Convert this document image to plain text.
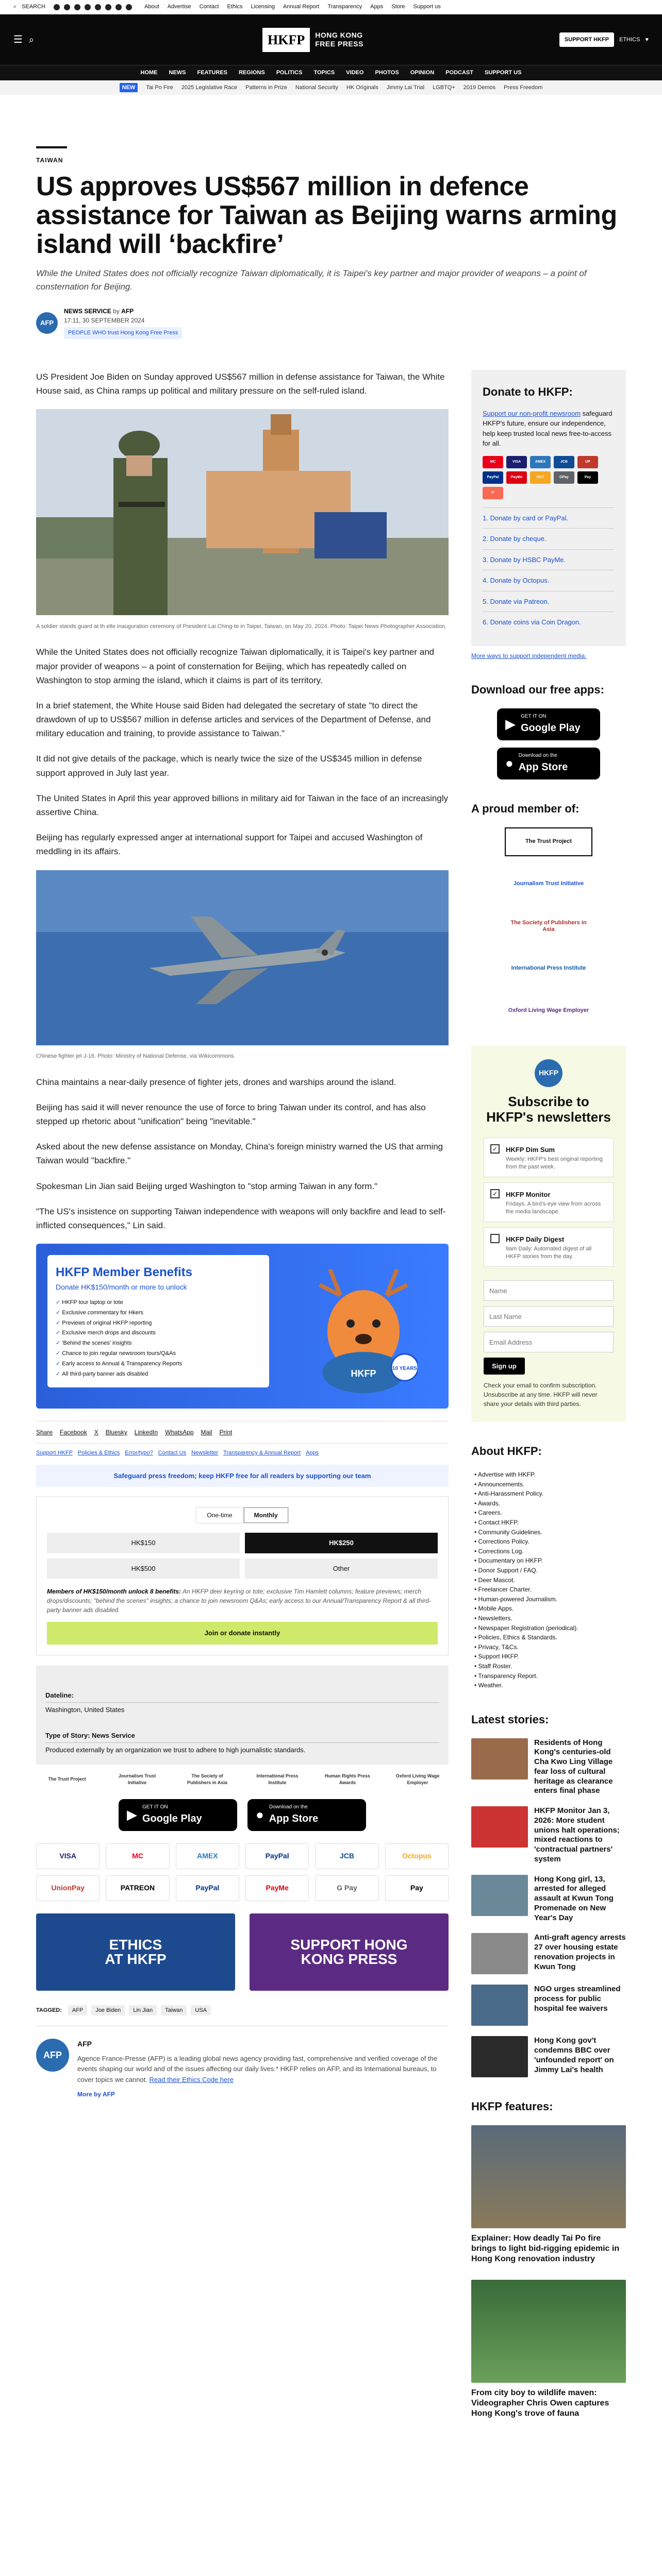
⌕ SEARCH	About Advertise Contact Ethics Licensing Annual Report Transparency Apps Store Support us
☰ ⌕	HKFP	HONG KONG
FREE PRESS
SUPPORT HKFP	ETHICS ♥
HOME NEWS FEATURES REGIONS POLITICS TOPICS VIDEO PHOTOS OPINION PODCAST SUPPORT US
NEW	Tai Po Fire 2025 Legislative Race Patterns in Prize National Security HK Originals Jimmy Lai Trial LGBTQ+ 2019 Demos Press Freedom
TAIWAN
US approves US$567 million in defence assistance for Taiwan as Beijing warns arming island will ‘backfire’
While the United States does not officially recognize Taiwan diplomatically, it is Taipei's key partner and major provider of weapons – a point of consternation for Beijing.
AFP
NEWS SERVICE by AFP
17:11, 30 SEPTEMBER 2024
PEOPLE WHO trust Hong Kong Free Press

US President Joe Biden on Sunday approved US$567 million in defense assistance for Taiwan, the White House said, as China ramps up political and military pressure on the self-ruled island.

A soldier stands guard at th elte inauguration ceremony of President Lai Ching-te in Taipei, Taiwan, on May 20, 2024. Photo: Taipei News Photographer Association.

While the United States does not officially recognize Taiwan diplomatically, it is Taipei's key partner and major provider of weapons – a point of consternation for Beijing, which has repeatedly called on Washington to stop arming the island, which it claims is part of its territory.

In a brief statement, the White House said Biden had delegated the secretary of state "to direct the drawdown of up to US$567 million in defense articles and services of the Department of Defense, and military education and training, to provide assistance to Taiwan."

It did not give details of the package, which is nearly twice the size of the US$345 million in defense support approved in July last year.

The United States in April this year approved billions in military aid for Taiwan in the face of an increasingly assertive China.

Beijing has regularly expressed anger at international support for Taipei and accused Washington of meddling in its affairs.

Chinese fighter jet J-16. Photo: Ministry of National Defense, via Wikicommons.

China maintains a near-daily presence of fighter jets, drones and warships around the island.

Beijing has said it will never renounce the use of force to bring Taiwan under its control, and has also stepped up rhetoric about "unification" being "inevitable."

Asked about the new defense assistance on Monday, China's foreign ministry warned the US that arming Taiwan would "backfire."

Spokesman Lin Jian said Beijing urged Washington to "stop arming Taiwan in any form."

"The US's insistence on supporting Taiwan independence with weapons will only backfire and lead to self-inflicted consequences," Lin said.

HKFP Member Benefits
Donate HK$150/month or more to unlock
✓ HKFP tour laptop or tote
✓ Exclusive commentary for Hkers
✓ Previews of original HKFP reporting
✓ Exclusive merch drops and discounts
✓ 'Behind the scenes' insights
✓ Chance to join regular newsroom tours/Q&As
✓ Early access to Annual & Transparency Reports
✓ All third-party banner ads disabled
10 YEARS
HKFP
Share Facebook X Bluesky LinkedIn WhatsApp Mail Print
Support HKFP Policies & Ethics Error/typo? Contact Us Newsletter Transparency & Annual Report Apps
Safeguard press freedom; keep HKFP free for all readers by supporting our team
One-time	Monthly
HK$150	HK$250
HK$500	Other
Members of HK$150/month unlock 8 benefits: An HKFP deer keyring or tote; exclusive Tim Hamlett columns; feature previews; merch drops/discounts; "behind the scenes" insights; a chance to join newsroom Q&As; early access to our Annual/Transparency Report & all third-party banner ads disabled.
Join or donate instantly
Dateline:
Washington, United States
Type of Story: News Service
Produced externally by an organization we trust to adhere to high journalistic standards.
The Trust Project
Journalism Trust Initiative
The Society of Publishers in Asia
International Press Institute
Human Rights Press Awards
Oxford Living Wage Employer
▶ GET IT ON
Google Play	● Download on the
App Store
VISA	MC	AMEX	PayPal	JCB	Octopus
UnionPay	PATREON	PayPal	PayMe	G Pay	Pay
ETHICS
AT HKFP
SUPPORT HONG
KONG PRESS
TAGGED:	AFP	Joe Biden	Lin Jian	Taiwan	USA
AFP
AFP

Agence France-Presse (AFP) is a leading global news agency providing fast, comprehensive and verified coverage of the events shaping our world and of the issues affecting our daily lives.* HKFP relies on AFP, and its International bureaus, to cover topics we cannot. Read their Ethics Code here

More by AFP
Donate to HKFP:
Support our non-profit newsroom safeguard HKFP's future, ensure our independence, help keep trusted local news free-to-access for all.
MC	VISA	AMEX	JCB	UP
PayPal	PayMe	OCT	GPay	Pay
P
1. Donate by card or PayPal.
2. Donate by cheque.
3. Donate by HSBC PayMe.
4. Donate by Octopus.
5. Donate via Patreon.
6. Donate coins via Coin Dragon.
More ways to support independent media.
Download our free apps:
▶ GET IT ON
Google Play
● Download on the
App Store
A proud member of:
The Trust Project
Journalism Trust Initiative
The Society of Publishers in Asia
International Press Institute
Oxford Living Wage Employer
HKFP
Subscribe to HKFP's newsletters
✓	HKFP Dim Sum
Weekly: HKFP's best original reporting from the past week.
✓	HKFP Monitor
Fridays. A bird's-eye view from across the media landscape.
HKFP Daily Digest
9am Daily: Automated digest of all HKFP stories from the day.
Name Last Name Email Address Sign up
Check your email to confirm subscription. Unsubscribe at any time. HKFP will never share your details with third parties.
About HKFP:
• Advertise with HKFP.
• Announcements.
• Anti-Harassment Policy.
• Awards.
• Careers.
• Contact HKFP.
• Community Guidelines.
• Corrections Policy.
• Corrections Log.
• Documentary on HKFP.
• Donor Support / FAQ.
• Deer Mascot.
• Freelancer Charter.
• Human-powered Journalism.
• Mobile Apps.
• Newsletters.
• Newspaper Registration (periodical).
• Policies, Ethics & Standards.
• Privacy, T&Cs.
• Support HKFP.
• Staff Roster.
• Transparency Report.
• Weather.
Latest stories:
Residents of Hong Kong's centuries-old Cha Kwo Ling Village fear loss of cultural heritage as clearance enters final phase
HKFP Monitor Jan 3, 2026: More student unions halt operations; mixed reactions to 'contractual partners' system
Hong Kong girl, 13, arrested for alleged assault at Kwun Tong Promenade on New Year's Day
Anti-graft agency arrests 27 over housing estate renovation projects in Kwun Tong
NGO urges streamlined process for public hospital fee waivers
Hong Kong gov't condemns BBC over 'unfounded report' on Jimmy Lai's health
HKFP features:
Explainer: How deadly Tai Po fire brings to light bid-rigging epidemic in Hong Kong renovation industry
From city boy to wildlife maven: Videographer Chris Owen captures Hong Kong's trove of fauna
